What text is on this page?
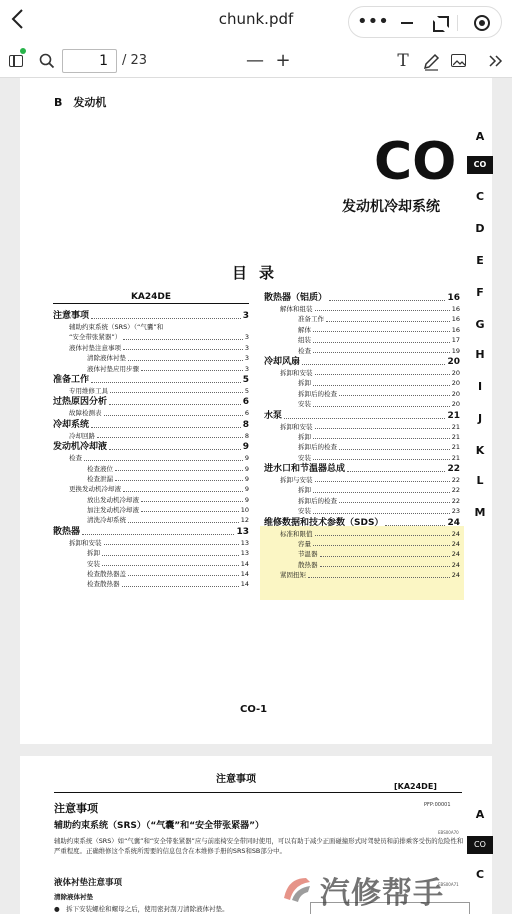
chunk.pdf	•••
1	/ 23	— +	T
B　发动机
CO
发动机冷却系统
目录
A
CO
C
D
E
F
G
H
I
J
K
L
M
KA24DE
注意事项	3
辅助约束系统（SRS）（“气囊”和
“安全带张紧器”）	3
液体衬垫注意事项	3
清除液体衬垫	3
液体衬垫应用步骤	3
准备工作	5
专用维修工具	5
过热原因分析	6
故障检测表	6
冷却系统	8
冷却回路	8
发动机冷却液	9
检查	9
检查液位	9
检查泄漏	9
更换发动机冷却液	9
放出发动机冷却液	9
加注发动机冷却液	10
清洗冷却系统	12
散热器	13
拆卸和安装	13
拆卸	13
安装	14
检查散热器盖	14
检查散热器	14
散热器（铝质）	16
解体和组装	16
准备工作	16
解体	16
组装	17
检查	19
冷却风扇	20
拆卸和安装	20
拆卸	20
拆卸后的检查	20
安装	20
水泵	21
拆卸和安装	21
拆卸	21
拆卸后的检查	21
安装	21
进水口和节温器总成	22
拆卸与安装	22
拆卸	22
拆卸后的检查	22
安装	23
维修数据和技术参数（SDS）	24
标准和限值	24
容量	24
节温器	24
散热器	24
紧固扭矩	24
CO-1
注意事项
[KA24DE]
注意事项	PFP:00001
辅助约束系统（SRS）（“气囊”和“安全带张紧器”）
EBS00A70
辅助约束系统（SRS）如“气囊”和“安全带张紧器”应与前座椅安全带同时使用，可以有助于减少正面碰撞形式时驾驶员和前排乘客受伤的危险性和严重程度。正确维修这个系统所需要的信息包含在本维修手册的SRS和SB部分中。
液体衬垫注意事项	EBS00A71
清除液体衬垫
●　拆下安装螺栓和螺母之后，使用密封刮刀清除液体衬垫。
A
CO
C
汽修帮手
